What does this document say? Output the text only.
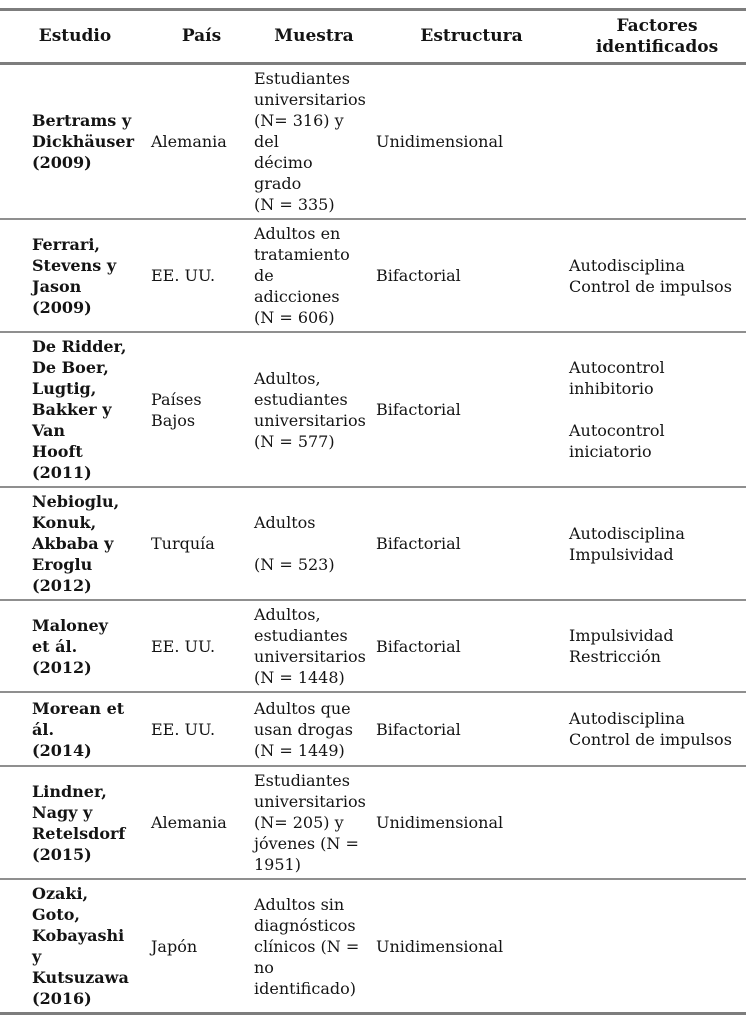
Estudio	País	Muestra	Estructura	Factores
identificados
Bertrams y
Dickhäuser
(2009)	Alemania	Estudiantes
universitarios
(N= 316) y del
décimo grado
(N = 335)	Unidimensional	
Ferrari,
Stevens y
Jason (2009)	EE. UU.	Adultos en
tratamiento
de adicciones
(N = 606)	Bifactorial	Autodisciplina
Control de impulsos
De Ridder,
De Boer,
Lugtig,
Bakker y Van
Hooft (2011)	Países
Bajos	Adultos,
estudiantes
universitarios
(N = 577)	Bifactorial	Autocontrol
inhibitorio

Autocontrol
iniciatorio
Nebioglu,
Konuk,
Akbaba y
Eroglu
(2012)	Turquía	Adultos

(N = 523)	Bifactorial	Autodisciplina
Impulsividad
Maloney
et ál. (2012)	EE. UU.	Adultos,
estudiantes
universitarios
(N = 1448)	Bifactorial	Impulsividad
Restricción
Morean et ál.
(2014)	EE. UU.	Adultos que
usan drogas
(N = 1449)	Bifactorial	Autodisciplina
Control de impulsos
Lindner,
Nagy y
Retelsdorf
(2015)	Alemania	Estudiantes
universitarios
(N= 205) y
jóvenes (N =
1951)	Unidimensional	
Ozaki, Goto,
Kobayashi y
Kutsuzawa
(2016)	Japón	Adultos sin
diagnósticos
clínicos (N =
no
identificado)	Unidimensional	
